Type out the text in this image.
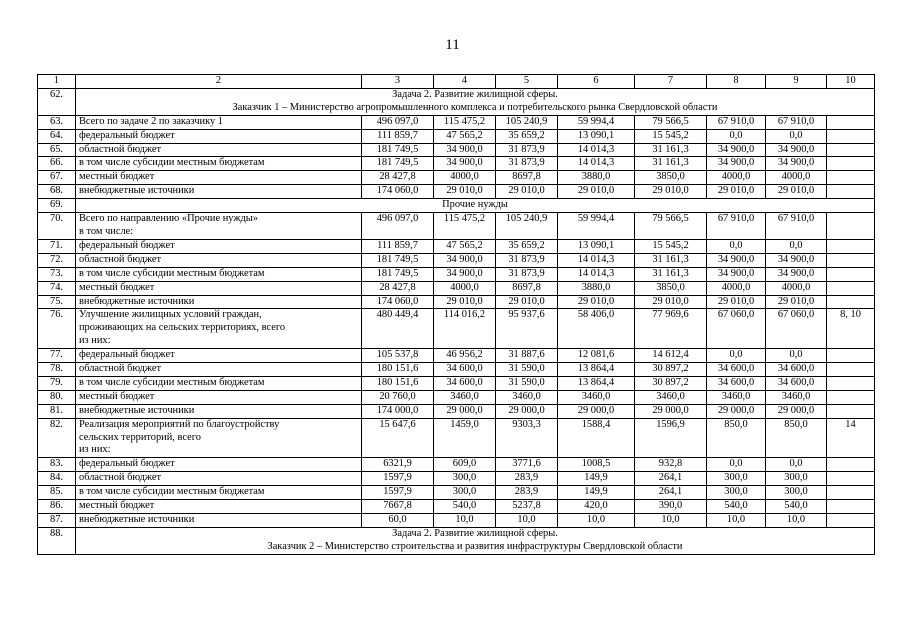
11
1	2	3	4	5	6	7	8	9	10
62.	Задача 2. Развитие жилищной сферы.
Заказчик 1 – Министерство агропромышленного комплекса и потребительского рынка Свердловской области								

63.	Всего по задаче 2 по заказчику 1	496 097,0	115 475,2	105 240,9	59 994,4	79 566,5	67 910,0	67 910,0	
64.	федеральный бюджет	111 859,7	47 565,2	35 659,2	13 090,1	15 545,2	0,0	0,0	
65.	областной бюджет	181 749,5	34 900,0	31 873,9	14 014,3	31 161,3	34 900,0	34 900,0	
66.	в том числе субсидии местным бюджетам	181 749,5	34 900,0	31 873,9	14 014,3	31 161,3	34 900,0	34 900,0	
67.	местный бюджет	28 427,8	4000,0	8697,8	3880,0	3850,0	4000,0	4000,0	
68.	внебюджетные источники	174 060,0	29 010,0	29 010,0	29 010,0	29 010,0	29 010,0	29 010,0	
69.	Прочие нужды								

70.	Всего по направлению «Прочие нужды»
в том числе:	496 097,0	115 475,2	105 240,9	59 994,4	79 566,5	67 910,0	67 910,0	
71.	федеральный бюджет	111 859,7	47 565,2	35 659,2	13 090,1	15 545,2	0,0	0,0	
72.	областной бюджет	181 749,5	34 900,0	31 873,9	14 014,3	31 161,3	34 900,0	34 900,0	
73.	в том числе субсидии местным бюджетам	181 749,5	34 900,0	31 873,9	14 014,3	31 161,3	34 900,0	34 900,0	
74.	местный бюджет	28 427,8	4000,0	8697,8	3880,0	3850,0	4000,0	4000,0	
75.	внебюджетные источники	174 060,0	29 010,0	29 010,0	29 010,0	29 010,0	29 010,0	29 010,0	
76.	Улучшение жилищных условий граждан,
проживающих на сельских территориях, всего
из них:	480 449,4	114 016,2	95 937,6	58 406,0	77 969,6	67 060,0	67 060,0	8, 10
77.	федеральный бюджет	105 537,8	46 956,2	31 887,6	12 081,6	14 612,4	0,0	0,0	
78.	областной бюджет	180 151,6	34 600,0	31 590,0	13 864,4	30 897,2	34 600,0	34 600,0	
79.	в том числе субсидии местным бюджетам	180 151,6	34 600,0	31 590,0	13 864,4	30 897,2	34 600,0	34 600,0	
80.	местный бюджет	20 760,0	3460,0	3460,0	3460,0	3460,0	3460,0	3460,0	
81.	внебюджетные источники	174 000,0	29 000,0	29 000,0	29 000,0	29 000,0	29 000,0	29 000,0	
82.	Реализация мероприятий по благоустройству
сельских территорий, всего
из них:	15 647,6	1459,0	9303,3	1588,4	1596,9	850,0	850,0	14
83.	федеральный бюджет	6321,9	609,0	3771,6	1008,5	932,8	0,0	0,0	
84.	областной бюджет	1597,9	300,0	283,9	149,9	264,1	300,0	300,0	
85.	в том числе субсидии местным бюджетам	1597,9	300,0	283,9	149,9	264,1	300,0	300,0	
86.	местный бюджет	7667,8	540,0	5237,8	420,0	390,0	540,0	540,0	
87.	внебюджетные источники	60,0	10,0	10,0	10,0	10,0	10,0	10,0	
88.	Задача 2. Развитие жилищной сферы.
Заказчик 2 – Министерство строительства и развития инфраструктуры Свердловской области								
